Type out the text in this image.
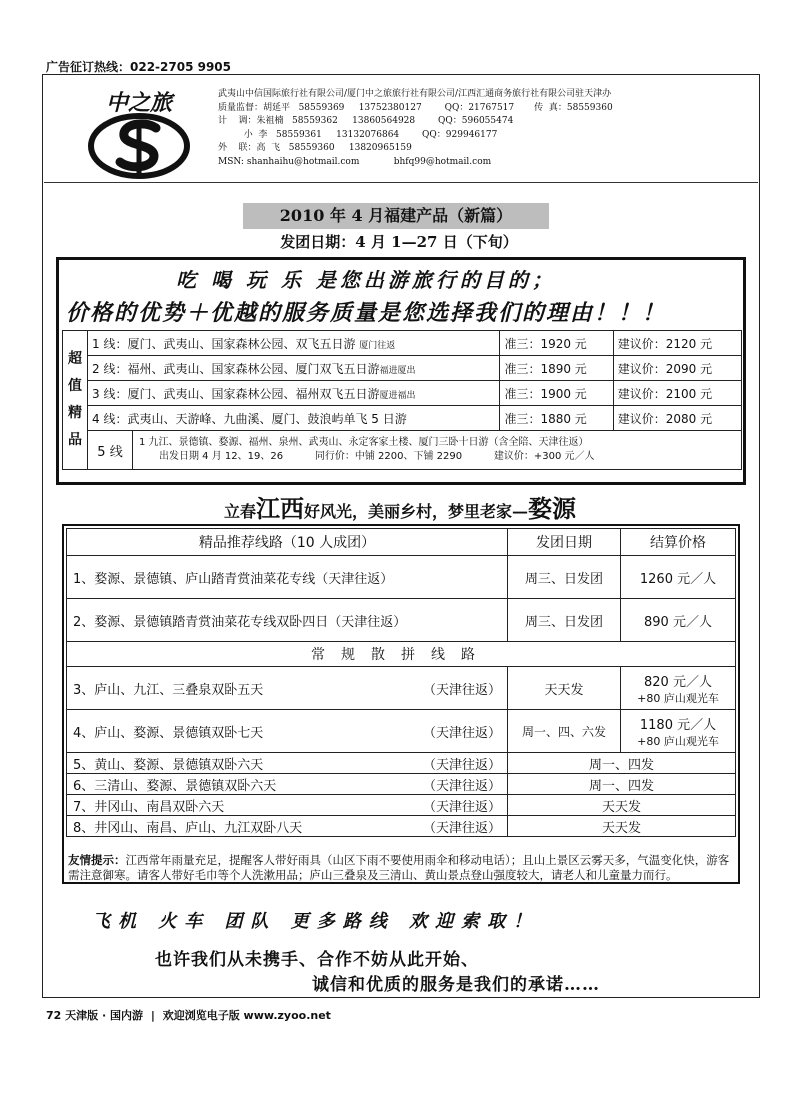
广告征订热线：022-2705 9905
中之旅	武夷山中信国际旅行社有限公司/厦门中之旅旅行社有限公司/江西汇通商务旅行社有限公司驻天津办
质量监督：胡延平   58559369     13752380127        QQ：21767517       传  真：58559360
计    调：朱祖楠   58559362     13860564928        QQ：596055474
小  李   58559361     13132076864        QQ：929946177
外    联：高  飞   58559360     13820965159
MSN: shanhaihu@hotmail.com            bhfq99@hotmail.com
2010 年 4 月福建产品（新篇）
发团日期：4 月 1—27 日（下旬）
吃 喝 玩 乐 是您出游旅行的目的；
价格的优势＋优越的服务质量是您选择我们的理由！！！
超
值
精
品
	1 线：厦门、武夷山、国家森林公园、双飞五日游 厦门往返	准三：1920 元	建议价：2120 元
2 线：福州、武夷山、国家森林公园、厦门双飞五日游福进厦出	准三：1890 元	建议价：2090 元
3 线：厦门、武夷山、国家森林公园、福州双飞五日游厦进福出	准三：1900 元	建议价：2100 元
4 线：武夷山、天游峰、九曲溪、厦门、鼓浪屿单飞 5 日游	准三：1880 元	建议价：2080 元

5 线	
1 九江、景德镇、婺源、福州、泉州、武夷山、永定客家土楼、厦门三卧十日游（含全陪、天津往返）
出发日期 4 月 12、19、26          同行价：中铺 2200、下铺 2290          建议价：+300 元／人
立春江西好风光，美丽乡村，梦里老家—婺源
精品推荐线路（10 人成团）	发团日期	结算价格
1、婺源、景德镇、庐山踏青赏油菜花专线（天津往返）	周三、日发团	1260 元／人
2、婺源、景德镇踏青赏油菜花专线双卧四日（天津往返）	周三、日发团	890 元／人
常规散拼线路		
3、庐山、九江、三叠泉双卧五天 （天津往返）	天天发	820 元／人
+80 庐山观光车

4、庐山、婺源、景德镇双卧七天 （天津往返）	周一、四、六发	1180 元／人
+80 庐山观光车

5、黄山、婺源、景德镇双卧六天 （天津往返）	周一、四发	
6、三清山、婺源、景德镇双卧六天 （天津往返）	周一、四发	
7、井冈山、南昌双卧六天 （天津往返）	天天发	
8、井冈山、南昌、庐山、九江双卧八天 （天津往返）	天天发	
友情提示：江西常年雨量充足，提醒客人带好雨具（山区下雨不要使用雨伞和移动电话）；且山上景区云雾天多，气温变化快，游客需注意御寒。请客人带好毛巾等个人洗漱用品；庐山三叠泉及三清山、黄山景点登山强度较大，请老人和儿童量力而行。
飞机 火车 团队 更多路线 欢迎索取！
也许我们从未携手、合作不妨从此开始、
诚信和优质的服务是我们的承诺……
72 天津版 · 国内游 | 欢迎浏览电子版 www.zyoo.net
